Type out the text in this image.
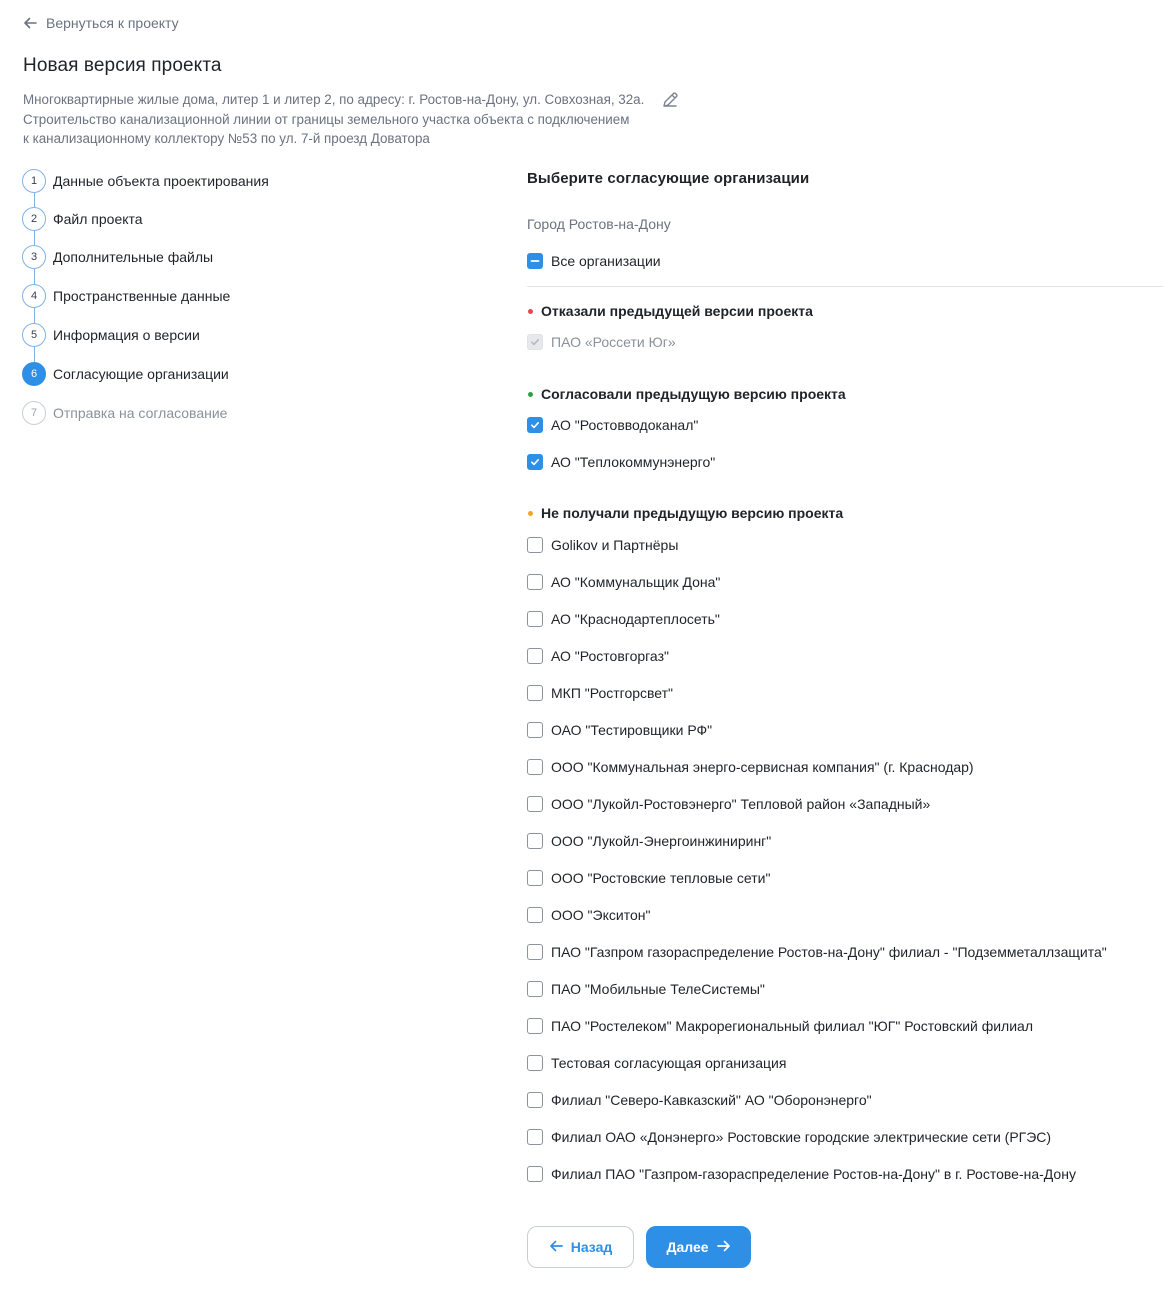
Вернуться к проекту
Новая версия проекта
Многоквартирные жилые дома, литер 1 и литер 2, по адресу: г. Ростов-на-Дону, ул. Совхозная, 32а.
Строительство канализационной линии от границы земельного участка объекта с подключением
к канализационному коллектору №53 по ул. 7-й проезд Доватора
1	Данные объекта проектирования
2	Файл проекта
3	Дополнительные файлы
4	Пространственные данные
5	Информация о версии
6	Согласующие организации
7	Отправка на согласование
Выберите согласующие организации
Город Ростов-на-Дону
Все организации
Отказали предыдущей версии проекта
ПАО «Россети Юг»
Согласовали предыдущую версию проекта
АО "Ростовводоканал"
АО "Теплокоммунэнерго"
Не получали предыдущую версию проекта
Golikov и Партнёры
АО "Коммунальщик Дона"
АО "Краснодартеплосеть"
АО "Ростовгоргаз"
МКП "Ростгорсвет"
ОАО "Тестировщики РФ"
ООО "Коммунальная энерго-сервисная компания" (г. Краснодар)
ООО "Лукойл-Ростовэнерго" Тепловой район «Западный»
ООО "Лукойл-Энергоинжиниринг"
ООО "Ростовские тепловые сети"
ООО "Экситон"
ПАО "Газпром газораспределение Ростов-на-Дону" филиал - "Подземметаллзащита"
ПАО "Мобильные ТелеСистемы"
ПАО "Ростелеком" Макрорегиональный филиал "ЮГ" Ростовский филиал
Тестовая согласующая организация
Филиал "Северо-Кавказский" АО "Оборонэнерго"
Филиал ОАО «Донэнерго» Ростовские городские электрические сети (РГЭС)
Филиал ПАО "Газпром-газораспределение Ростов-на-Дону" в г. Ростове-на-Дону
Назад	Далее
